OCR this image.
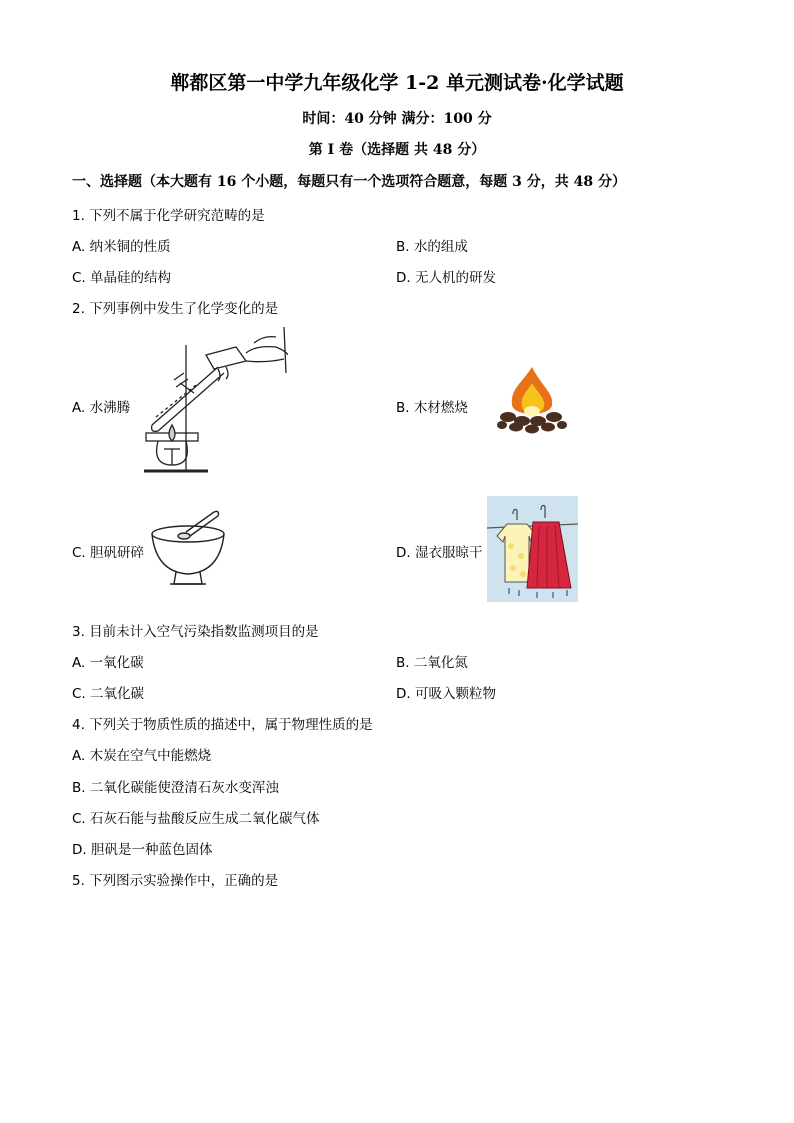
郸都区第一中学九年级化学 1-2 单元测试卷·化学试题
时间：40 分钟 满分：100 分
第 I 卷（选择题 共 48 分）
一、选择题（本大题有 16 个小题，每题只有一个选项符合题意，每题 3 分，共 48 分）
1. 下列不属于化学研究范畴的是
A. 纳米铜的性质	B. 水的组成
C. 单晶硅的结构	D. 无人机的研发
2. 下列事例中发生了化学变化的是
A. 水沸腾	B. 木材燃烧
C. 胆矾研碎	D. 湿衣服晾干
3. 目前未计入空气污染指数监测项目的是
A. 一氧化碳	B. 二氧化氮
C. 二氧化碳	D. 可吸入颗粒物
4. 下列关于物质性质的描述中，属于物理性质的是
A. 木炭在空气中能燃烧
B. 二氧化碳能使澄清石灰水变浑浊
C. 石灰石能与盐酸反应生成二氧化碳气体
D. 胆矾是一种蓝色固体
5. 下列图示实验操作中，正确的是
